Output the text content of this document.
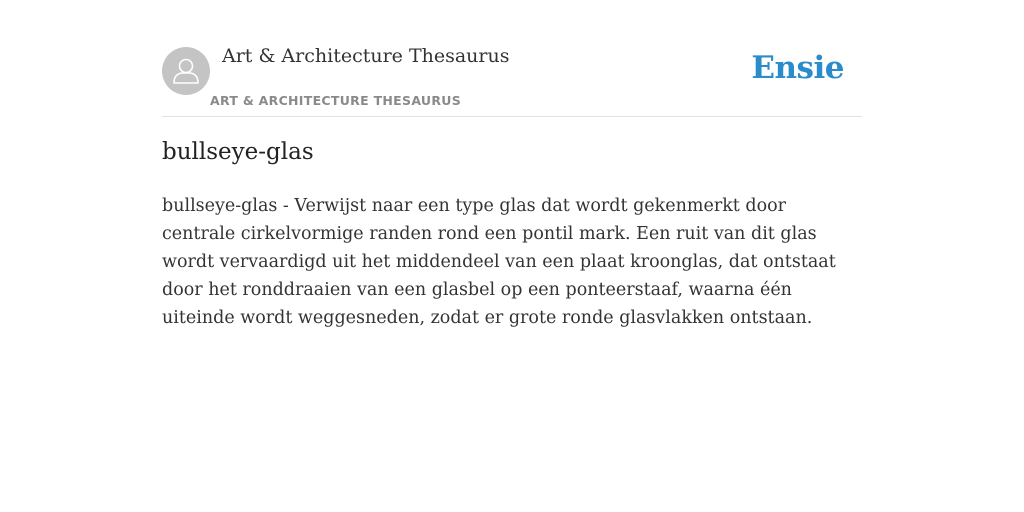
Art & Architecture Thesaurus
ART & ARCHITECTURE THESAURUS
Ensie
bullseye-glas

bullseye-glas - Verwijst naar een type glas dat wordt gekenmerkt door centrale cirkelvormige randen rond een pontil mark. Een ruit van dit glas wordt vervaardigd uit het middendeel van een plaat kroonglas, dat ontstaat door het ronddraaien van een glasbel op een ponteerstaaf, waarna één uiteinde wordt weggesneden, zodat er grote ronde glasvlakken ontstaan.
